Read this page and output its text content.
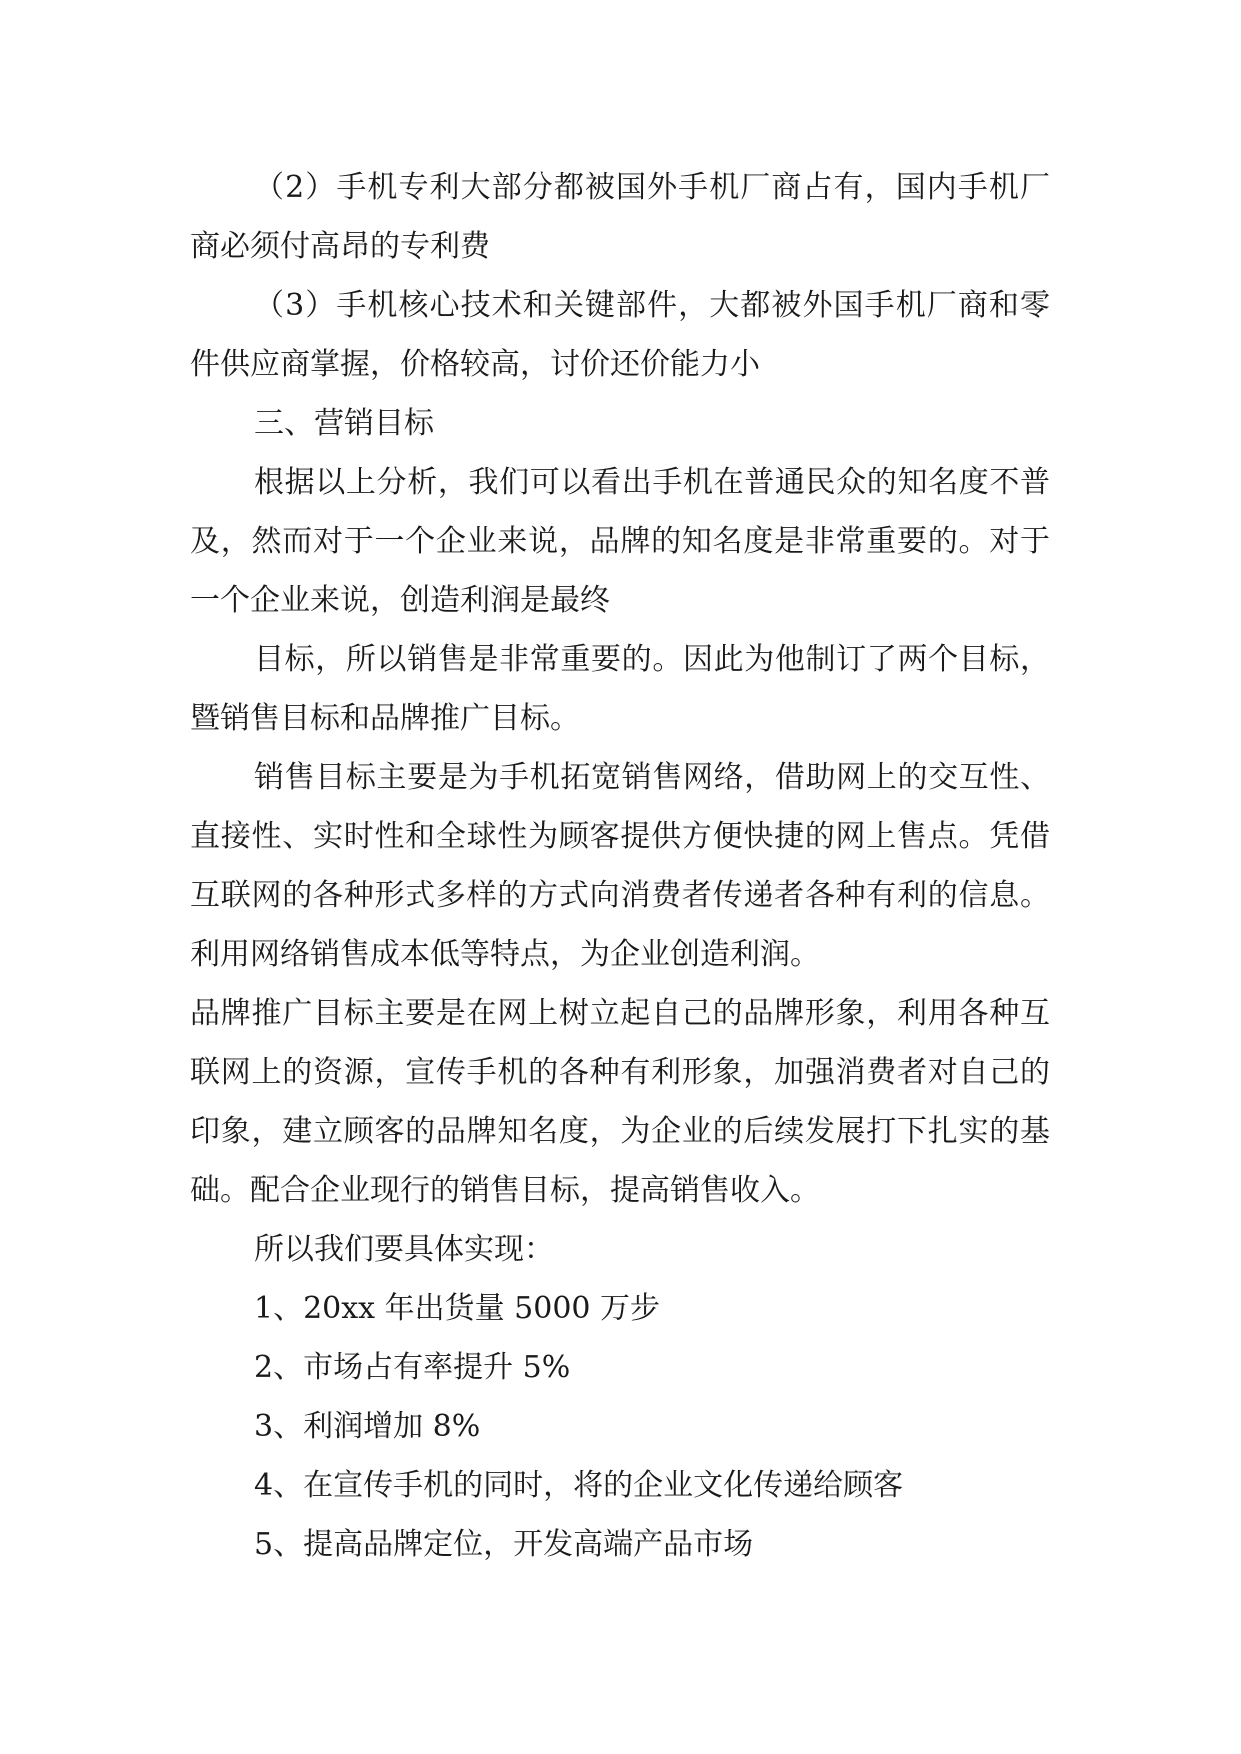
（2）手机专利大部分都被国外手机厂商占有，国内手机厂商必须付高昂的专利费

（3）手机核心技术和关键部件，大都被外国手机厂商和零件供应商掌握，价格较高，讨价还价能力小

三、营销目标

根据以上分析，我们可以看出手机在普通民众的知名度不普及，然而对于一个企业来说，品牌的知名度是非常重要的。对于一个企业来说，创造利润是最终

目标，所以销售是非常重要的。因此为他制订了两个目标，暨销售目标和品牌推广目标。

销售目标主要是为手机拓宽销售网络，借助网上的交互性、直接性、实时性和全球性为顾客提供方便快捷的网上售点。凭借互联网的各种形式多样的方式向消费者传递者各种有利的信息。利用网络销售成本低等特点，为企业创造利润。

品牌推广目标主要是在网上树立起自己的品牌形象，利用各种互联网上的资源，宣传手机的各种有利形象，加强消费者对自己的印象，建立顾客的品牌知名度，为企业的后续发展打下扎实的基础。配合企业现行的销售目标，提高销售收入。

所以我们要具体实现：

1、20xx 年出货量 5000 万步

2、市场占有率提升 5%

3、利润增加 8%

4、在宣传手机的同时，将的企业文化传递给顾客

5、提高品牌定位，开发高端产品市场
